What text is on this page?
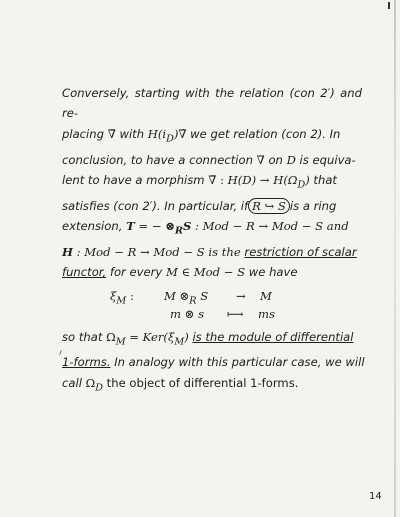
Conversely, starting with the relation (con 2′) and re-
placing ∇̃ with $H(i_D)\nablã$ we get relation (con 2). In
conclusion, to have a connection ∇ on D is equiva-
lent to have a morphism ∇̃ : $H(D) \to H(\Omega_D)$ that
satisfies (con 2′). In particular, if R ↪ S is a ring
extension, T = − $\otimes_RS$ : Mod − R → Mod − S and
H : Mod − R → Mod − S is the restriction of scalar
functor, for every M ∈ Mod − S we have
$\xi_M$ :	M $\otimes_R$ S → M
m ⊗ s ⟼ ms
so that $\Omega_M = Ker(\xi_M)$ is the module of differential
1-forms. In analogy with this particular case, we will
call $\Omega_D$ the object of differential 1-forms.
14
